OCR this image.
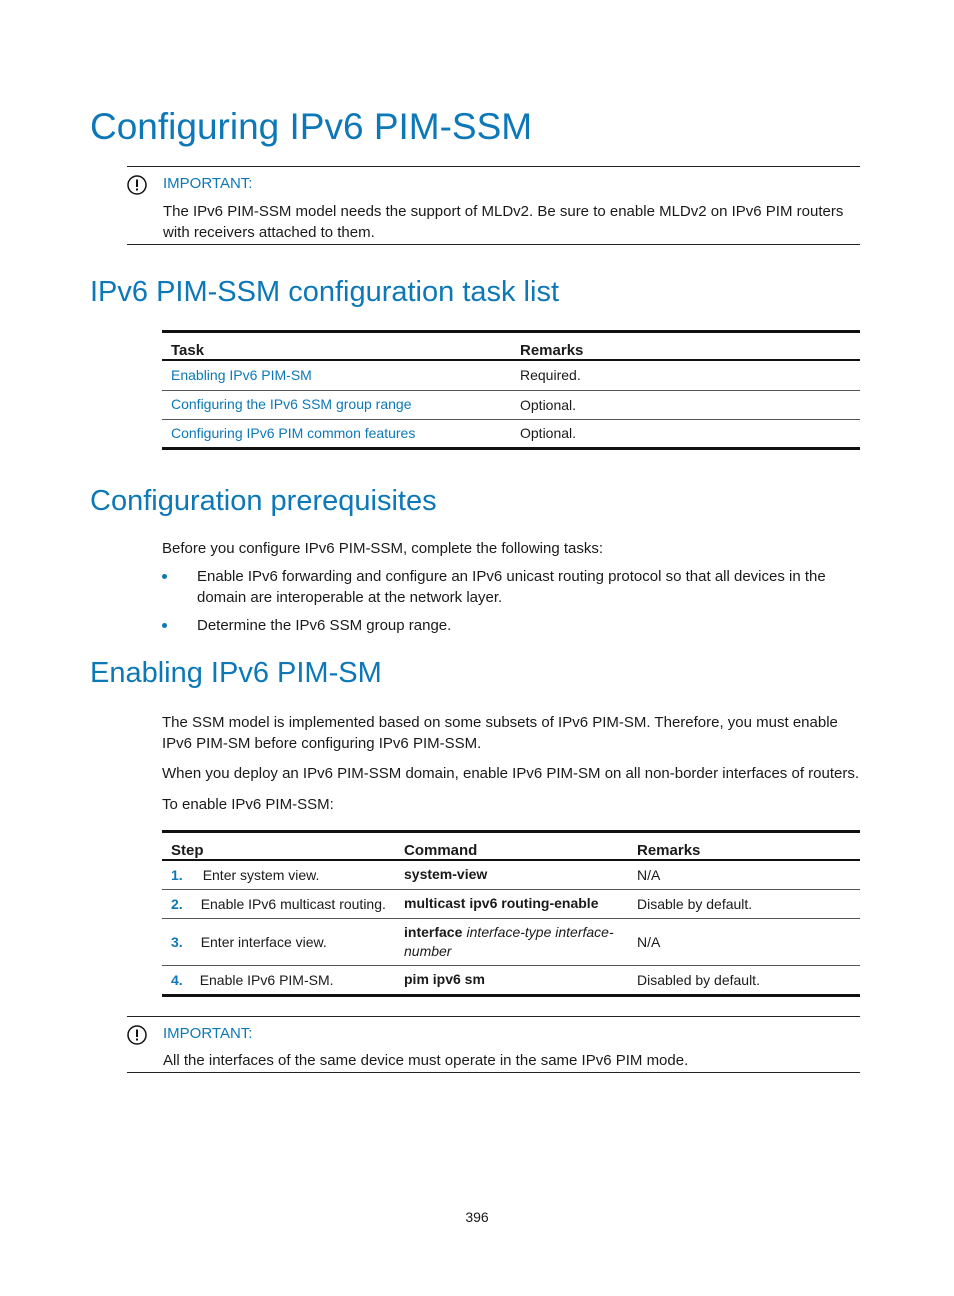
Configuring IPv6 PIM-SSM
IMPORTANT:

The IPv6 PIM-SSM model needs the support of MLDv2. Be sure to enable MLDv2 on IPv6 PIM routers with receivers attached to them.

IPv6 PIM-SSM configuration task list
Task	Remarks
Enabling IPv6 PIM-SM	Required.
Configuring the IPv6 SSM group range	Optional.
Configuring IPv6 PIM common features	Optional.
Configuration prerequisites

Before you configure IPv6 PIM-SSM, complete the following tasks:

Enable IPv6 forwarding and configure an IPv6 unicast routing protocol so that all devices in the domain are interoperable at the network layer.
Determine the IPv6 SSM group range.
Enabling IPv6 PIM-SM

The SSM model is implemented based on some subsets of IPv6 PIM-SM. Therefore, you must enable IPv6 PIM-SM before configuring IPv6 PIM-SSM.

When you deploy an IPv6 PIM-SSM domain, enable IPv6 PIM-SM on all non-border interfaces of routers.

To enable IPv6 PIM-SSM:

Step	Command	Remarks
1. Enter system view.	system-view	N/A
2. Enable IPv6 multicast routing.	multicast ipv6 routing-enable	Disable by default.
3. Enter interface view.	interface interface-type interface-number	N/A
4. Enable IPv6 PIM-SM.	pim ipv6 sm	Disabled by default.
IMPORTANT:

All the interfaces of the same device must operate in the same IPv6 PIM mode.

396
